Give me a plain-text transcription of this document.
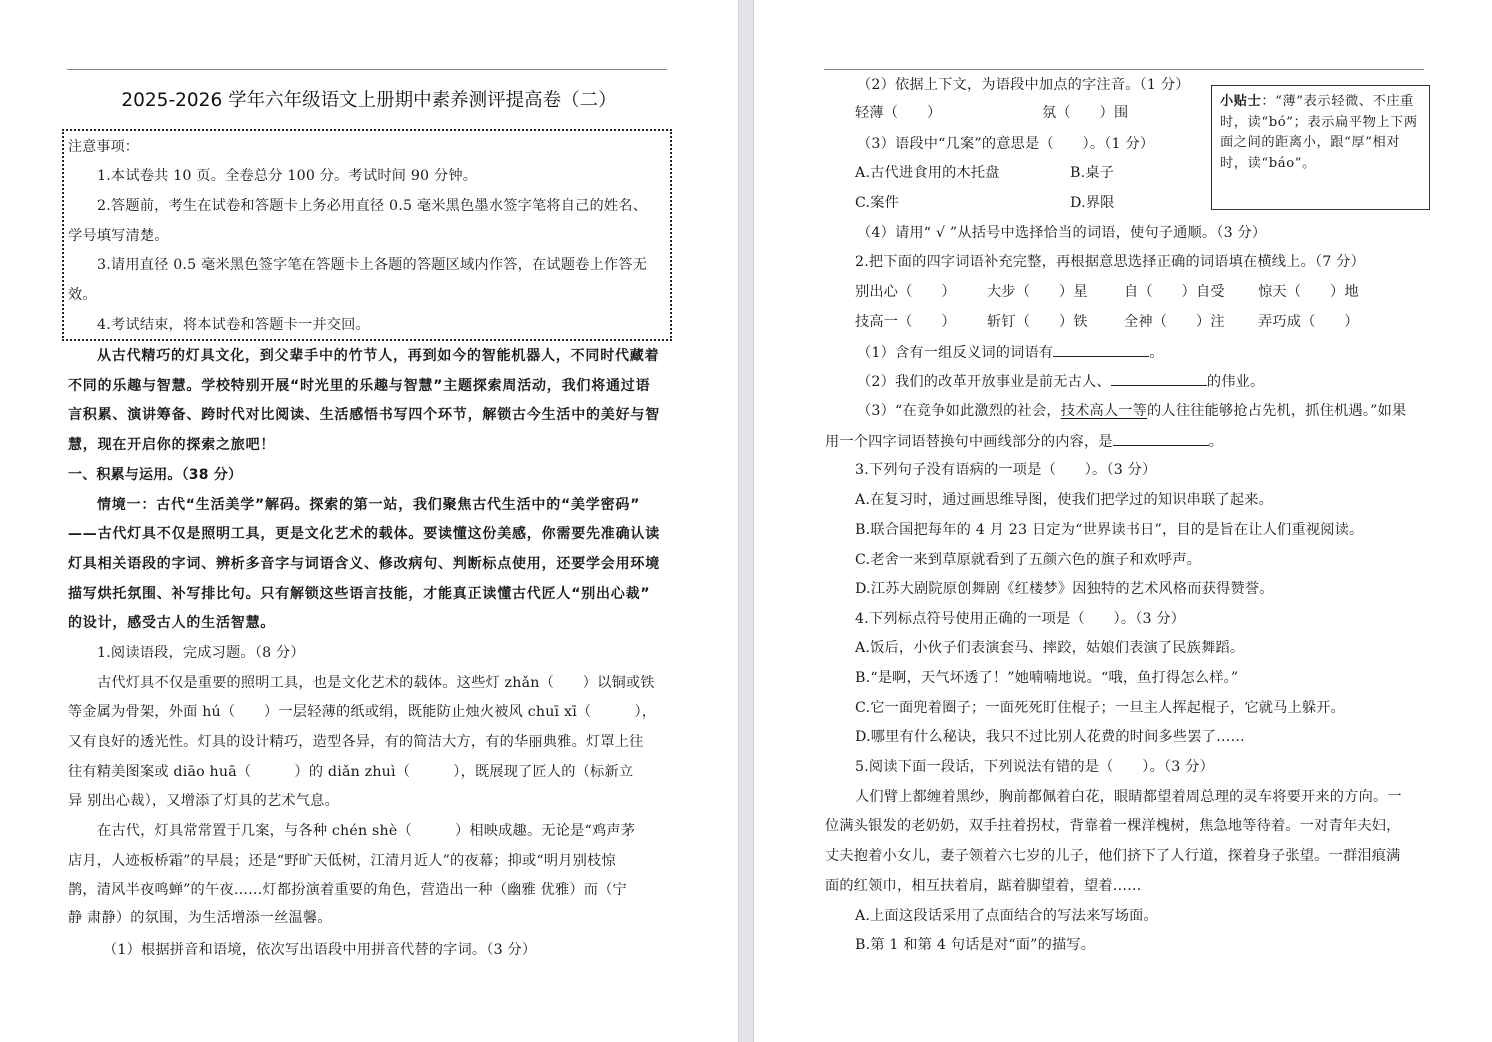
2025-2026 学年六年级语文上册期中素养测评提高卷（二）
注意事项：
1.本试卷共 10 页。全卷总分 100 分。考试时间 90 分钟。
2.答题前，考生在试卷和答题卡上务必用直径 0.5 毫米黑色墨水签字笔将自己的姓名、
学号填写清楚。
3.请用直径 0.5 毫米黑色签字笔在答题卡上各题的答题区域内作答，在试题卷上作答无
效。
4.考试结束，将本试卷和答题卡一并交回。
从古代精巧的灯具文化，到父辈手中的竹节人，再到如今的智能机器人，不同时代藏着
不同的乐趣与智慧。学校特别开展“时光里的乐趣与智慧”主题探索周活动，我们将通过语
言积累、演讲筹备、跨时代对比阅读、生活感悟书写四个环节，解锁古今生活中的美好与智
慧，现在开启你的探索之旅吧！
一、积累与运用。（38 分）
情境一：古代“生活美学”解码。探索的第一站，我们聚焦古代生活中的“美学密码”
——古代灯具不仅是照明工具，更是文化艺术的载体。要读懂这份美感，你需要先准确认读
灯具相关语段的字词、辨析多音字与词语含义、修改病句、判断标点使用，还要学会用环境
描写烘托氛围、补写排比句。只有解锁这些语言技能，才能真正读懂古代匠人“别出心裁”
的设计，感受古人的生活智慧。
1.阅读语段，完成习题。（8 分）
古代灯具不仅是重要的照明工具，也是文化艺术的载体。这些灯 zhǎn（　　）以铜或铁
等金属为骨架，外面 hú（　　）一层轻薄的纸或绢，既能防止烛火被风 chuī xī（　　　），
又有良好的透光性。灯具的设计精巧，造型各异，有的简洁大方，有的华丽典雅。灯罩上往
往有精美图案或 diāo huā（　　　）的 diǎn zhuì（　　　），既展现了匠人的（标新立
异 别出心裁），又增添了灯具的艺术气息。
在古代，灯具常常置于几案，与各种 chén shè（　　　）相映成趣。无论是“鸡声茅
店月，人迹板桥霜”的早晨；还是“野旷天低树，江清月近人”的夜幕；抑或“明月别枝惊
鹊，清风半夜鸣蝉”的午夜……灯都扮演着重要的角色，营造出一种（幽雅 优雅）而（宁
静 肃静）的氛围，为生活增添一丝温馨。
（1）根据拼音和语境，依次写出语段中用拼音代替的字词。（3 分）
（2）依据上下文，为语段中加点的字注音。（1 分）
轻薄（　　）	氛（　　）围
（3）语段中“几案”的意思是（　　）。（1 分）
A.古代进食用的木托盘	B.桌子
C.案件	D.界限
小贴士：“薄”表示轻微、不庄重时，读“bó”；表示扁平物上下两面之间的距离小，跟“厚”相对时，读“báo”。
（4）请用“ √ ”从括号中选择恰当的词语，使句子通顺。（3 分）
2.把下面的四字词语补充完整，再根据意思选择正确的词语填在横线上。（7 分）
别出心（　　） 大步（　　）星	自（　　）自受 惊天（　　）地
技高一（　　） 斩钉（　　）铁	全神（　　）注 弄巧成（　　）
（1）含有一组反义词的词语有	。
（2）我们的改革开放事业是前无古人、	的伟业。
（3）“在竞争如此激烈的社会，技术高人一等的人往往能够抢占先机，抓住机遇。”如果
用一个四字词语替换句中画线部分的内容，是	。
3.下列句子没有语病的一项是（　　）。（3 分）
A.在复习时，通过画思维导图，使我们把学过的知识串联了起来。
B.联合国把每年的 4 月 23 日定为“世界读书日”，目的是旨在让人们重视阅读。
C.老舍一来到草原就看到了五颜六色的旗子和欢呼声。
D.江苏大剧院原创舞剧《红楼梦》因独特的艺术风格而获得赞誉。
4.下列标点符号使用正确的一项是（　　）。（3 分）
A.饭后，小伙子们表演套马、摔跤，姑娘们表演了民族舞蹈。
B.“是啊，天气坏透了！”她喃喃地说。“哦，鱼打得怎么样。”
C.它一面兜着圈子；一面死死盯住棍子；一旦主人挥起棍子，它就马上躲开。
D.哪里有什么秘诀，我只不过比别人花费的时间多些罢了……
5.阅读下面一段话，下列说法有错的是（　　）。（3 分）
人们臂上都缠着黑纱，胸前都佩着白花，眼睛都望着周总理的灵车将要开来的方向。一
位满头银发的老奶奶，双手拄着拐杖，背靠着一棵洋槐树，焦急地等待着。一对青年夫妇，
丈夫抱着小女儿，妻子领着六七岁的儿子，他们挤下了人行道，探着身子张望。一群泪痕满
面的红领巾，相互扶着肩，踮着脚望着，望着……
A.上面这段话采用了点面结合的写法来写场面。
B.第 1 和第 4 句话是对“面”的描写。
